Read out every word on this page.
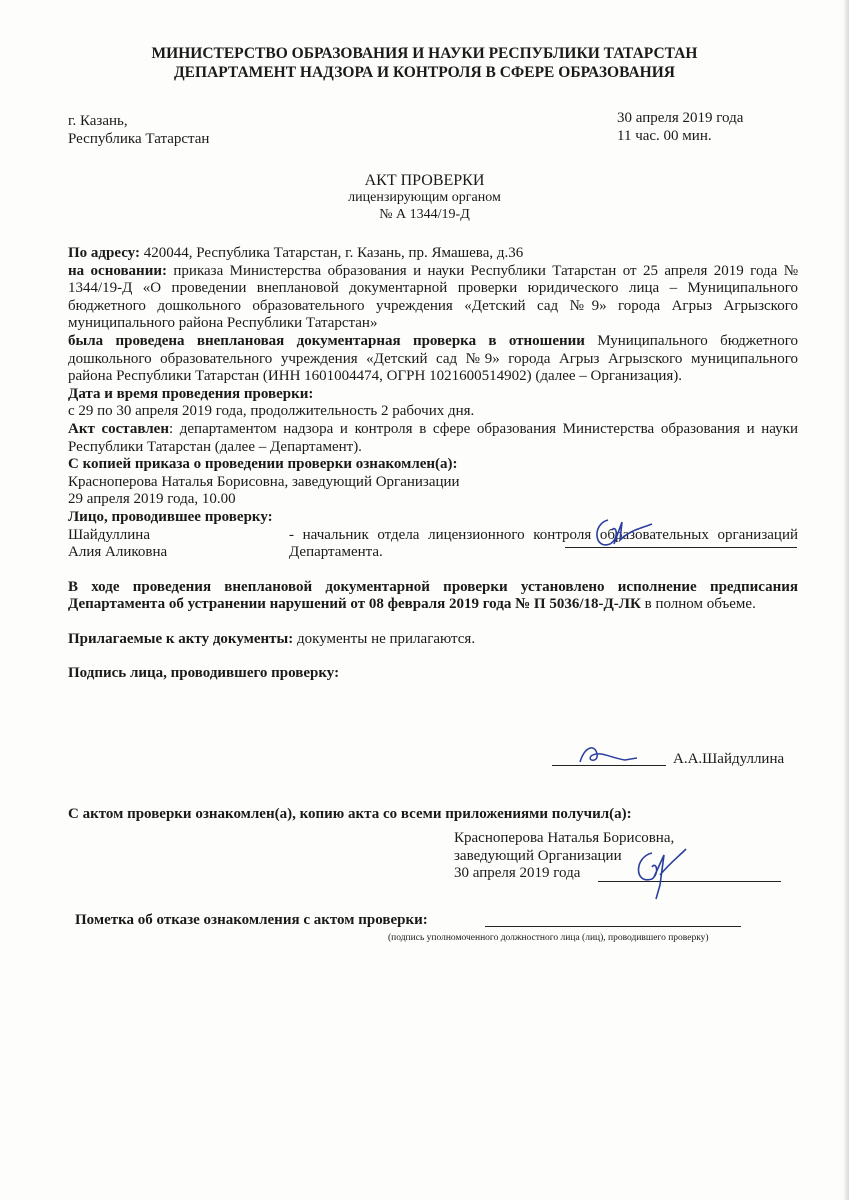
МИНИСТЕРСТВО ОБРАЗОВАНИЯ И НАУКИ РЕСПУБЛИКИ ТАТАРСТАН
ДЕПАРТАМЕНТ НАДЗОРА И КОНТРОЛЯ В СФЕРЕ ОБРАЗОВАНИЯ
г. Казань,
Республика Татарстан
30 апреля 2019 года
11 час. 00 мин.
АКТ ПРОВЕРКИ
лицензирующим органом
№ А 1344/19-Д
По адресу: 420044, Республика Татарстан, г. Казань, пр. Ямашева, д.36
на основании: приказа Министерства образования и науки Республики Татарстан от 25 апреля 2019 года № 1344/19-Д «О проведении внеплановой документарной проверки юридического лица – Муниципального бюджетного дошкольного образовательного учреждения «Детский сад №9» города Агрыз Агрызского муниципального района Республики Татарстан»
была проведена внеплановая документарная проверка в отношении Муниципального бюджетного дошкольного образовательного учреждения «Детский сад №9» города Агрыз Агрызского муниципального района Республики Татарстан (ИНН 1601004474, ОГРН 1021600514902) (далее – Организация).
Дата и время проведения проверки:
с 29 по 30 апреля 2019 года, продолжительность 2 рабочих дня.
Акт составлен: департаментом надзора и контроля в сфере образования Министерства образования и науки Республики Татарстан (далее – Департамент).
С копией приказа о проведении проверки ознакомлен(а):
Красноперова Наталья Борисовна, заведующий Организации
29 апреля 2019 года, 10.00
Лицо, проводившее проверку:
Шайдуллина
Алия Аликовна
- начальник отдела лицензионного контроля образовательных организаций Департамента.
В ходе проведения внеплановой документарной проверки установлено исполнение предписания Департамента об устранении нарушений от 08 февраля 2019 года № П 5036/18-Д-ЛК в полном объеме.
Прилагаемые к акту документы: документы не прилагаются.
Подпись лица, проводившего проверку:
А.А.Шайдуллина
С актом проверки ознакомлен(а), копию акта со всеми приложениями получил(а):
Красноперова Наталья Борисовна,
заведующий Организации
30 апреля 2019 года
Пометка об отказе ознакомления с актом проверки:
(подпись уполномоченного должностного лица (лиц), проводившего проверку)
